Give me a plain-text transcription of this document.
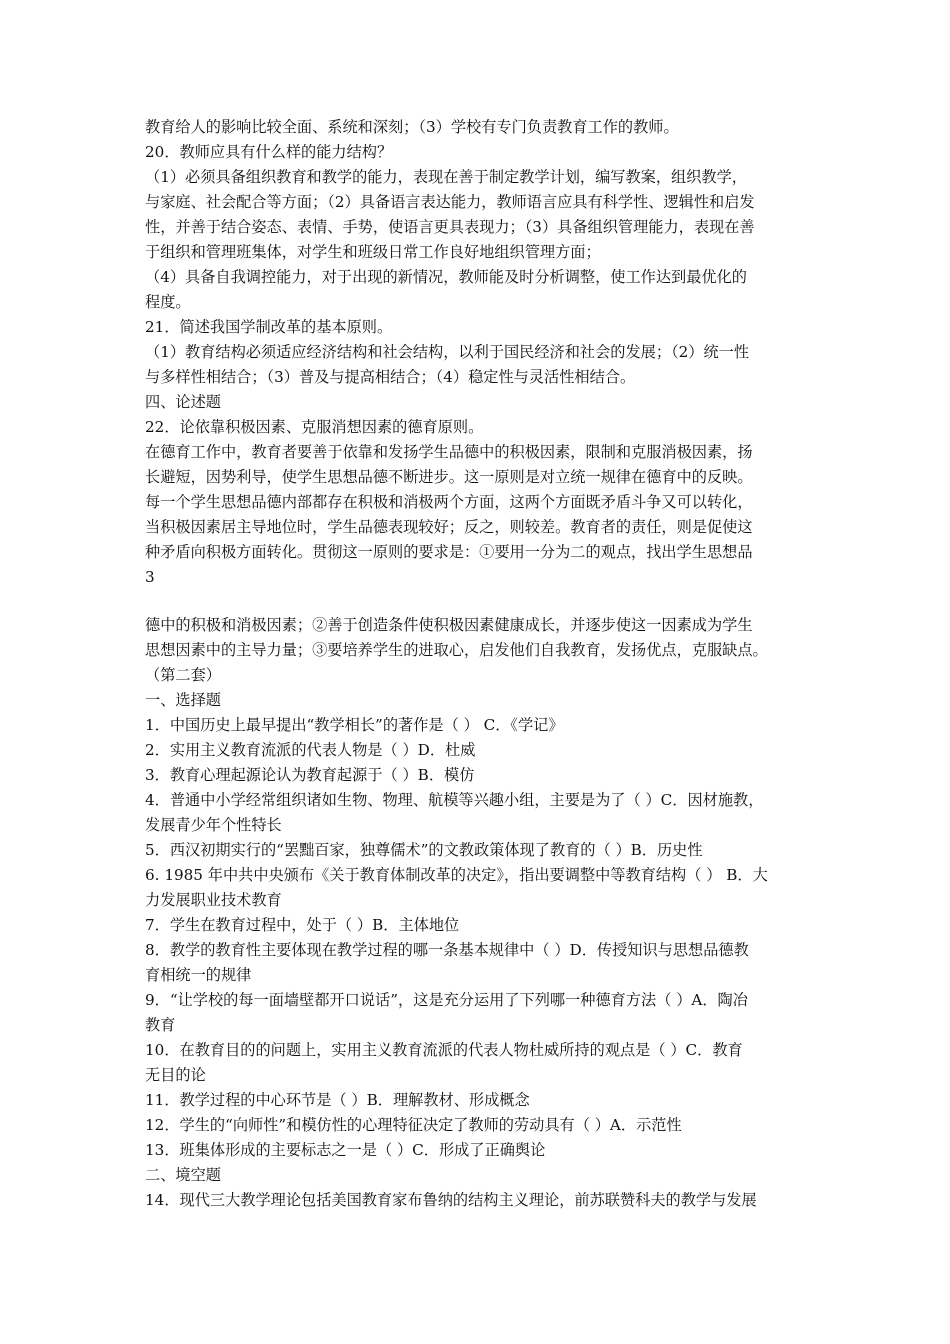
教育给人的影响比较全面、系统和深刻；（3）学校有专门负责教育工作的教师。
20．教师应具有什么样的能力结构？
（1）必须具备组织教育和教学的能力，表现在善于制定教学计划，编写教案，组织教学，
与家庭、社会配合等方面；（2）具备语言表达能力，教师语言应具有科学性、逻辑性和启发
性，并善于结合姿态、表情、手势，使语言更具表现力；（3）具备组织管理能力，表现在善
于组织和管理班集体，对学生和班级日常工作良好地组织管理方面；
（4）具备自我调控能力，对于出现的新情况，教师能及时分析调整，使工作达到最优化的
程度。
21．简述我国学制改革的基本原则。
（1）教育结构必须适应经济结构和社会结构，以利于国民经济和社会的发展；（2）统一性
与多样性相结合；（3）普及与提高相结合；（4）稳定性与灵活性相结合。
四、论述题
22．论依靠积极因素、克服消想因素的德育原则。
在德育工作中，教育者要善于依靠和发扬学生品德中的积极因素，限制和克服消极因素，扬
长避短，因势利导，使学生思想品德不断进步。这一原则是对立统一规律在德育中的反映。
每一个学生思想品德内部都存在积极和消极两个方面，这两个方面既矛盾斗争又可以转化，
当积极因素居主导地位时，学生品德表现较好；反之，则较差。教育者的责任，则是促使这
种矛盾向积极方面转化。贯彻这一原则的要求是：①要用一分为二的观点，找出学生思想品
3
德中的积极和消极因素；②善于创造条件使积极因素健康成长，并逐步使这一因素成为学生
思想因素中的主导力量；③要培养学生的进取心，启发他们自我教育，发扬优点，克服缺点。
（第二套）
一、选择题
1．中国历史上最早提出“教学相长”的著作是（ ） C．《学记》
2．实用主义教育流派的代表人物是（ ）D．杜威
3．教育心理起源论认为教育起源于（ ）B．模仿
4．普通中小学经常组织诸如生物、物理、航模等兴趣小组，主要是为了（ ）C．因材施教，
发展青少年个性特长
5．西汉初期实行的“罢黜百家，独尊儒术”的文教政策体现了教育的（ ）B．历史性
6. 1985 年中共中央颁布《关于教育体制改革的决定》，指出要调整中等教育结构（ ） B．大
力发展职业技术教育
7．学生在教育过程中，处于（ ）B．主体地位
8．教学的教育性主要体现在教学过程的哪一条基本规律中（ ）D．传授知识与思想品德教
育相统一的规律
9．“让学校的每一面墙壁都开口说话”，这是充分运用了下列哪一种德育方法（ ）A．陶冶
教育
10．在教育目的的问题上，实用主义教育流派的代表人物杜威所持的观点是（ ）C．教育
无目的论
11．教学过程的中心环节是（ ）B．理解教材、形成概念
12．学生的“向师性”和模仿性的心理特征决定了教师的劳动具有（ ）A．示范性
13．班集体形成的主要标志之一是（ ）C．形成了正确舆论
二、境空题
14．现代三大教学理论包括美国教育家布鲁纳的结构主义理论，前苏联赞科夫的教学与发展
